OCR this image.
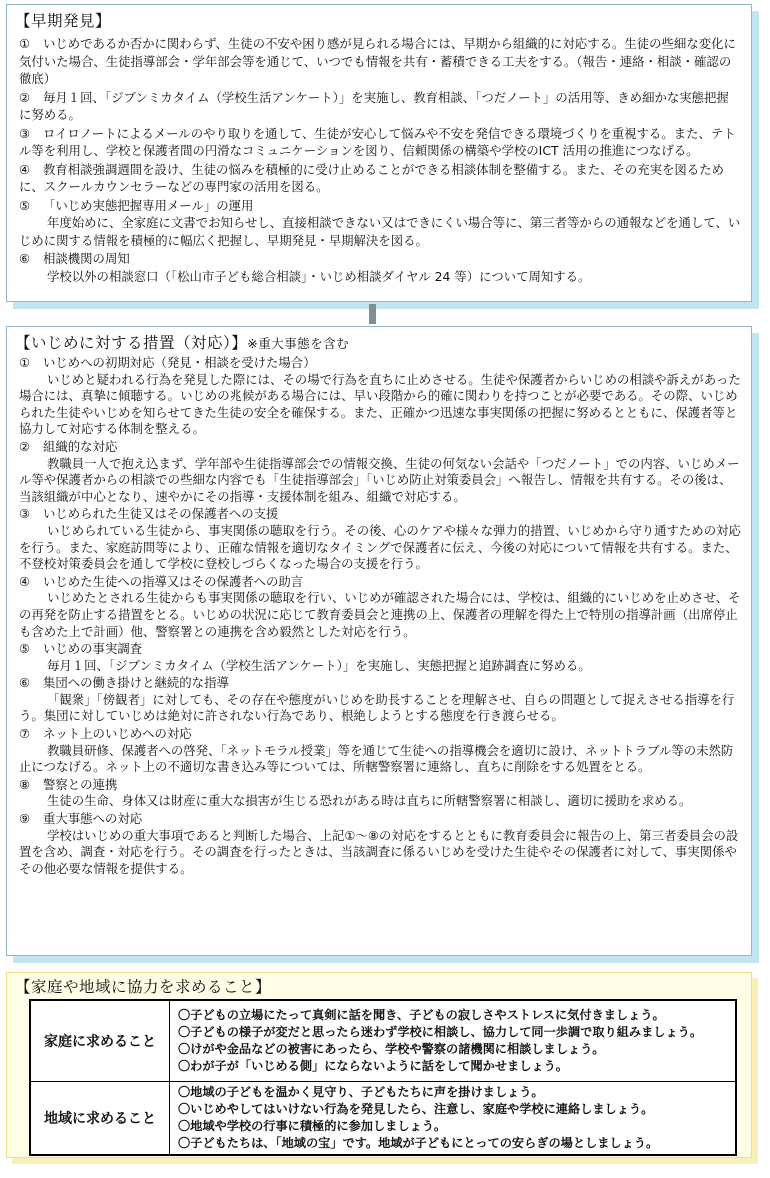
【早期発見】
① いじめであるか否かに関わらず、生徒の不安や困り感が見られる場合には、早期から組織的に対応する。生徒の些細な変化に気付いた場合、生徒指導部会・学年部会等を通じて、いつでも情報を共有・蓄積できる工夫をする。（報告・連絡・相談・確認の徹底）
② 毎月１回、「ジブンミカタイム（学校生活アンケート）」を実施し、教育相談、「つだノート」の活用等、きめ細かな実態把握に努める。
③ ロイロノートによるメールのやり取りを通して、生徒が安心して悩みや不安を発信できる環境づくりを重視する。また、テトル等を利用し、学校と保護者間の円滑なコミュニケーションを図り、信頼関係の構築や学校のICT 活用の推進につなげる。
④ 教育相談強調週間を設け、生徒の悩みを積極的に受け止めることができる相談体制を整備する。また、その充実を図るために、スクールカウンセラーなどの専門家の活用を図る。
⑤ 「いじめ実態把握専用メール」の運用
年度始めに、全家庭に文書でお知らせし、直接相談できない又はできにくい場合等に、第三者等からの通報などを通して、いじめに関する情報を積極的に幅広く把握し、早期発見・早期解決を図る。
⑥ 相談機関の周知
学校以外の相談窓口（「松山市子ども総合相談」・いじめ相談ダイヤル 24 等）について周知する。
【いじめに対する措置（対応）】※重大事態を含む
① いじめへの初期対応（発見・相談を受けた場合）
いじめと疑われる行為を発見した際には、その場で行為を直ちに止めさせる。生徒や保護者からいじめの相談や訴えがあった場合には、真摯に傾聴する。いじめの兆候がある場合には、早い段階から的確に関わりを持つことが必要である。その際、いじめられた生徒やいじめを知らせてきた生徒の安全を確保する。また、正確かつ迅速な事実関係の把握に努めるとともに、保護者等と協力して対応する体制を整える。
② 組織的な対応
教職員一人で抱え込まず、学年部や生徒指導部会での情報交換、生徒の何気ない会話や「つだノート」での内容、いじめメール等や保護者からの相談での些細な内容でも「生徒指導部会」「いじめ防止対策委員会」へ報告し、情報を共有する。その後は、当該組織が中心となり、速やかにその指導・支援体制を組み、組織で対応する。
③ いじめられた生徒又はその保護者への支援
いじめられている生徒から、事実関係の聴取を行う。その後、心のケアや様々な弾力的措置、いじめから守り通すための対応を行う。また、家庭訪問等により、正確な情報を適切なタイミングで保護者に伝え、今後の対応について情報を共有する。また、不登校対策委員会を通して学校に登校しづらくなった場合の支援を行う。
④ いじめた生徒への指導又はその保護者への助言
いじめたとされる生徒からも事実関係の聴取を行い、いじめが確認された場合には、学校は、組織的にいじめを止めさせ、その再発を防止する措置をとる。いじめの状況に応じて教育委員会と連携の上、保護者の理解を得た上で特別の指導計画（出席停止も含めた上で計画）他、警察署との連携を含め毅然とした対応を行う。
⑤ いじめの事実調査
毎月１回、「ジブンミカタイム（学校生活アンケート）」を実施し、実態把握と追跡調査に努める。
⑥ 集団への働き掛けと継続的な指導
「観衆」「傍観者」に対しても、その存在や態度がいじめを助長することを理解させ、自らの問題として捉えさせる指導を行う。集団に対していじめは絶対に許されない行為であり、根絶しようとする態度を行き渡らせる。
⑦ ネット上のいじめへの対応
教職員研修、保護者への啓発、「ネットモラル授業」等を通じて生徒への指導機会を適切に設け、ネットトラブル等の未然防止につなげる。ネット上の不適切な書き込み等については、所轄警察署に連絡し、直ちに削除をする処置をとる。
⑧ 警察との連携
生徒の生命、身体又は財産に重大な損害が生じる恐れがある時は直ちに所轄警察署に相談し、適切に援助を求める。
⑨ 重大事態への対応
学校はいじめの重大事項であると判断した場合、上記①～⑧の対応をするとともに教育委員会に報告の上、第三者委員会の設置を含め、調査・対応を行う。その調査を行ったときは、当該調査に係るいじめを受けた生徒やその保護者に対して、事実関係やその他必要な情報を提供する。
【家庭や地域に協力を求めること】
家庭に求めること	〇子どもの立場にたって真剣に話を聞き、子どもの寂しさやストレスに気付きましょう。
〇子どもの様子が変だと思ったら迷わず学校に相談し、協力して同一歩調で取り組みましょう。
〇けがや金品などの被害にあったら、学校や警察の諸機関に相談しましょう。
〇わが子が「いじめる側」にならないように話をして聞かせましょう。

地域に求めること	〇地域の子どもを温かく見守り、子どもたちに声を掛けましょう。
〇いじめやしてはいけない行為を発見したら、注意し、家庭や学校に連絡しましょう。
〇地域や学校の行事に積極的に参加しましょう。
〇子どもたちは、「地域の宝」です。地域が子どもにとっての安らぎの場としましょう。
